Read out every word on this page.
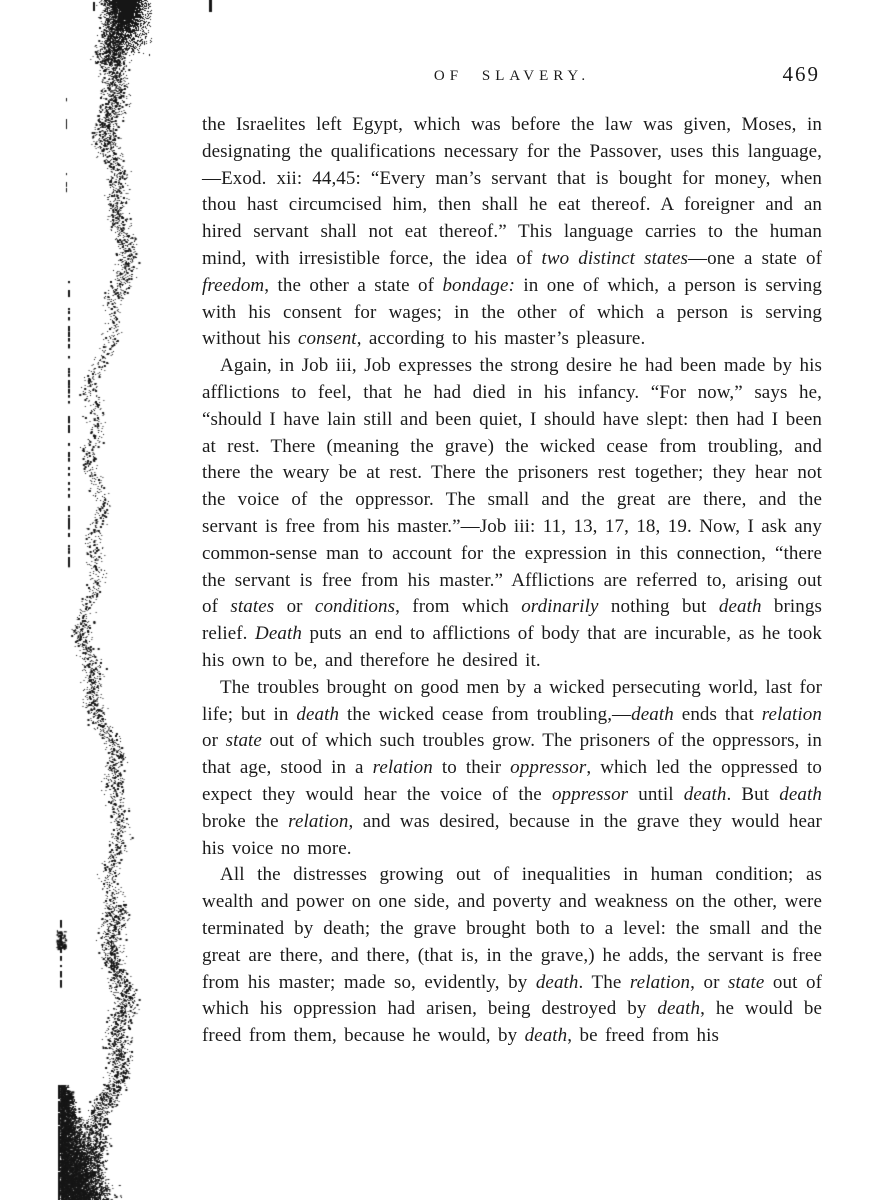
OF SLAVERY.	469

the Israelites left Egypt, which was before the law was given, Moses, in designating the qualifications necessary for the Passover, uses this language,—Exod. xii: 44,45: “Every man’s servant that is bought for money, when thou hast circumcised him, then shall he eat thereof. A foreigner and an hired servant shall not eat thereof.” This language carries to the human mind, with irresistible force, the idea of two distinct states—one a state of freedom, the other a state of bondage: in one of which, a person is serving with his consent for wages; in the other of which a person is serving without his consent, according to his master’s pleasure.

Again, in Job iii, Job expresses the strong desire he had been made by his afflictions to feel, that he had died in his infancy. “For now,” says he, “should I have lain still and been quiet, I should have slept: then had I been at rest. There (meaning the grave) the wicked cease from troubling, and there the weary be at rest. There the prisoners rest together; they hear not the voice of the oppressor. The small and the great are there, and the servant is free from his master.”—Job iii: 11, 13, 17, 18, 19. Now, I ask any common-sense man to account for the expression in this connection, “there the servant is free from his master.” Afflictions are referred to, arising out of states or conditions, from which ordinarily nothing but death brings relief. Death puts an end to afflictions of body that are incurable, as he took his own to be, and therefore he desired it.

The troubles brought on good men by a wicked persecuting world, last for life; but in death the wicked cease from troubling,—death ends that relation or state out of which such troubles grow. The prisoners of the oppressors, in that age, stood in a relation to their oppressor, which led the oppressed to expect they would hear the voice of the oppressor until death. But death broke the relation, and was desired, because in the grave they would hear his voice no more.

All the distresses growing out of inequalities in human condition; as wealth and power on one side, and poverty and weakness on the other, were terminated by death; the grave brought both to a level: the small and the great are there, and there, (that is, in the grave,) he adds, the servant is free from his master; made so, evidently, by death. The relation, or state out of which his oppression had arisen, being destroyed by death, he would be freed from them, because he would, by death, be freed from his
